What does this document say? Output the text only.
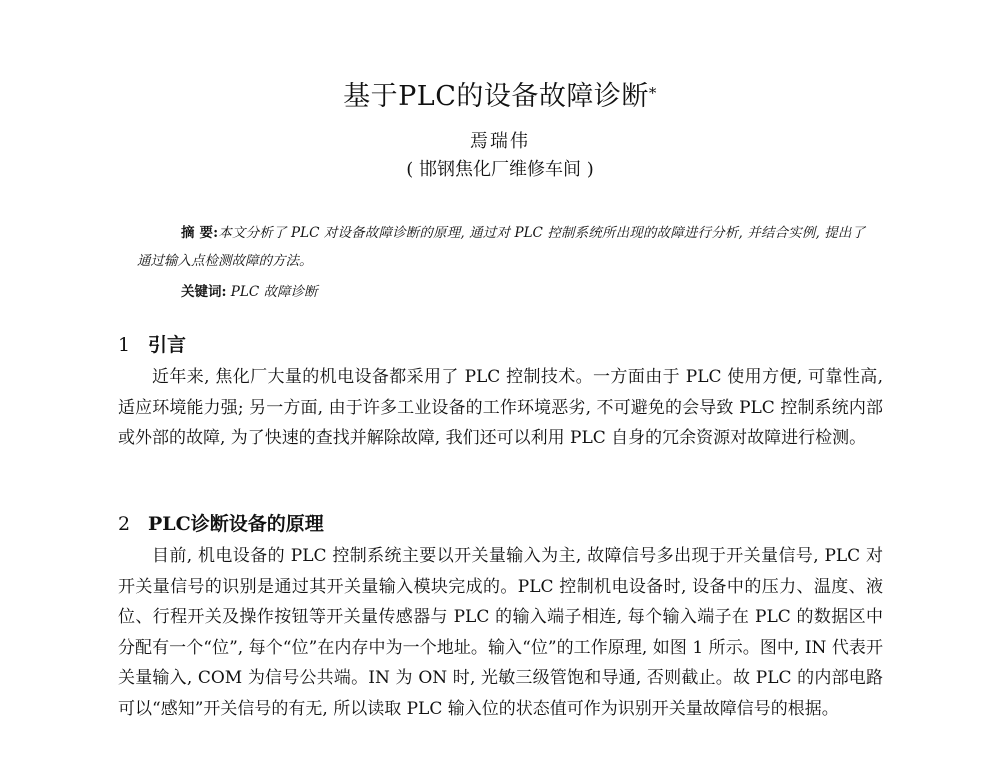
基于PLC的设备故障诊断*
焉瑞伟
( 邯钢焦化厂维修车间 )
摘 要:本文分析了 PLC 对设备故障诊断的原理, 通过对 PLC 控制系统所出现的故障进行分析, 并结合实例, 提出了通过输入点检测故障的方法。
关键词: PLC 故障诊断
1 引言
近年来, 焦化厂大量的机电设备都采用了 PLC 控制技术。一方面由于 PLC 使用方便, 可靠性高, 适应环境能力强; 另一方面, 由于许多工业设备的工作环境恶劣, 不可避免的会导致 PLC 控制系统内部或外部的故障, 为了快速的查找并解除故障, 我们还可以利用 PLC 自身的冗余资源对故障进行检测。
2 PLC诊断设备的原理
目前, 机电设备的 PLC 控制系统主要以开关量输入为主, 故障信号多出现于开关量信号, PLC 对开关量信号的识别是通过其开关量输入模块完成的。PLC 控制机电设备时, 设备中的压力、温度、液位、行程开关及操作按钮等开关量传感器与 PLC 的输入端子相连, 每个输入端子在 PLC 的数据区中分配有一个“位”, 每个“位”在内存中为一个地址。输入“位”的工作原理, 如图 1 所示。图中, IN 代表开关量输入, COM 为信号公共端。IN 为 ON 时, 光敏三级管饱和导通, 否则截止。故 PLC 的内部电路可以“感知”开关信号的有无, 所以读取 PLC 输入位的状态值可作为识别开关量故障信号的根据。
